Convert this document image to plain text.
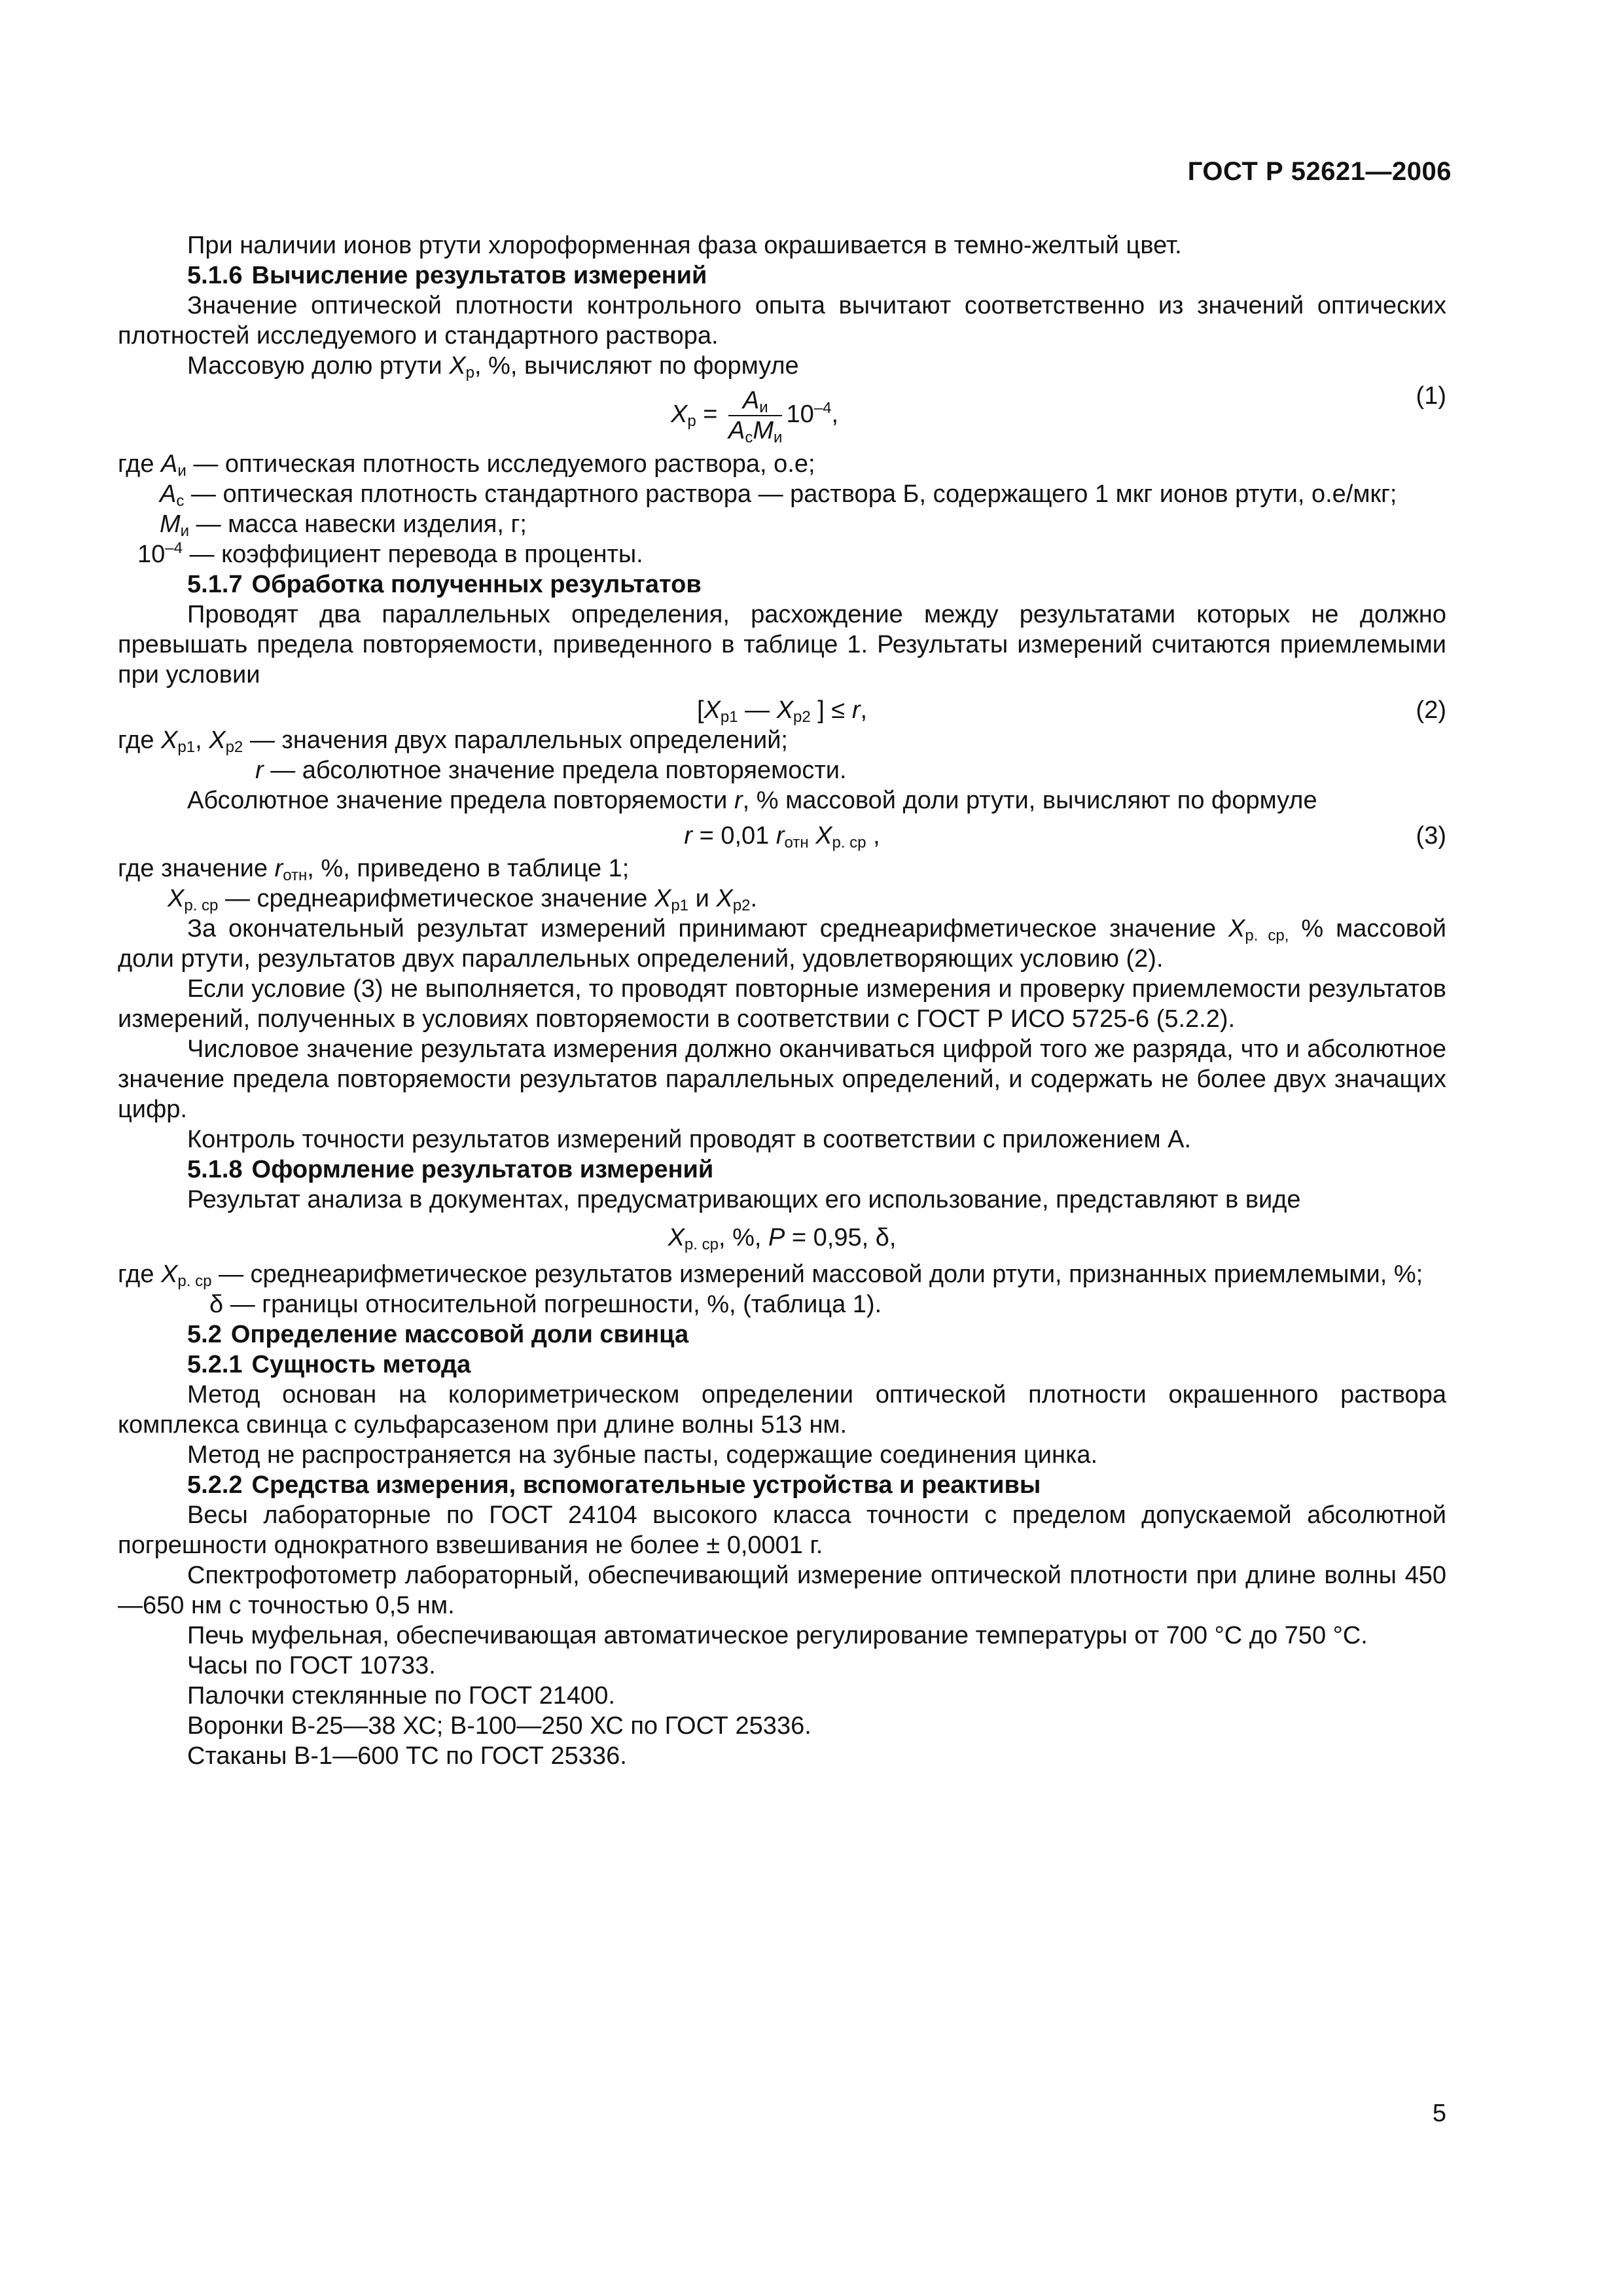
ГОСТ Р 52621—2006

При наличии ионов ртути хлороформенная фаза окрашивается в темно-желтый цвет.

5.1.6 Вычисление результатов измерений

Значение оптической плотности контрольного опыта вычитают соответственно из значений оптических плотностей исследуемого и стандартного раствора.

Массовую долю ртути $X_р$, %, вычисляют по формуле

$X_р = \frac{A_и}{A_сM_и} 10^{-4}$,
(1)

где $A_и$ — оптическая плотность исследуемого раствора, о.е;

$A_с$ — оптическая плотность стандартного раствора — раствора Б, содержащего 1 мкг ионов ртути, о.е/мкг;

$M_и$ — масса навески изделия, г;

$10^{-4}$ — коэффициент перевода в проценты.

5.1.7 Обработка полученных результатов

Проводят два параллельных определения, расхождение между результатами которых не должно превышать предела повторяемости, приведенного в таблице 1. Результаты измерений считаются приемлемыми при условии

[$X_{р1}$ — $X_{р2}$ ] ≤ r,	(2)

где $X_{р1}$, $X_{р2}$ — значения двух параллельных определений;

r — абсолютное значение предела повторяемости.

Абсолютное значение предела повторяемости r, % массовой доли ртути, вычисляют по формуле

r = 0,01 $r_{отн}$ $X_{р. ср}$ ,	(3)

где значение $r_{отн}$, %, приведено в таблице 1;

$X_{р. ср}$ — среднеарифметическое значение $X_{р1}$ и $X_{р2}$.

За окончательный результат измерений принимают среднеарифметическое значение $X_{р. ср,}$ % массовой доли ртути, результатов двух параллельных определений, удовлетворяющих условию (2).

Если условие (3) не выполняется, то проводят повторные измерения и проверку приемлемости результатов измерений, полученных в условиях повторяемости в соответствии с ГОСТ Р ИСО 5725-6 (5.2.2).

Числовое значение результата измерения должно оканчиваться цифрой того же разряда, что и абсолютное значение предела повторяемости результатов параллельных определений, и содержать не более двух значащих цифр.

Контроль точности результатов измерений проводят в соответствии с приложением А.

5.1.8 Оформление результатов измерений

Результат анализа в документах, предусматривающих его использование, представляют в виде

$X_{р. ср}$, %, P = 0,95, δ,

где $X_{р. ср}$ — среднеарифметическое результатов измерений массовой доли ртути, признанных приемлемыми, %;

δ — границы относительной погрешности, %, (таблица 1).

5.2 Определение массовой доли свинца

5.2.1 Сущность метода

Метод основан на колориметрическом определении оптической плотности окрашенного раствора комплекса свинца с сульфарсазеном при длине волны 513 нм.

Метод не распространяется на зубные пасты, содержащие соединения цинка.

5.2.2 Средства измерения, вспомогательные устройства и реактивы

Весы лабораторные по ГОСТ 24104 высокого класса точности с пределом допускаемой абсолютной погрешности однократного взвешивания не более ± 0,0001 г.

Спектрофотометр лабораторный, обеспечивающий измерение оптической плотности при длине волны 450—650 нм с точностью 0,5 нм.

Печь муфельная, обеспечивающая автоматическое регулирование температуры от 700 °С до 750 °С.

Часы по ГОСТ 10733.

Палочки стеклянные по ГОСТ 21400.

Воронки В-25—38 ХС; В-100—250 ХС по ГОСТ 25336.

Стаканы В-1—600 ТС по ГОСТ 25336.

5
